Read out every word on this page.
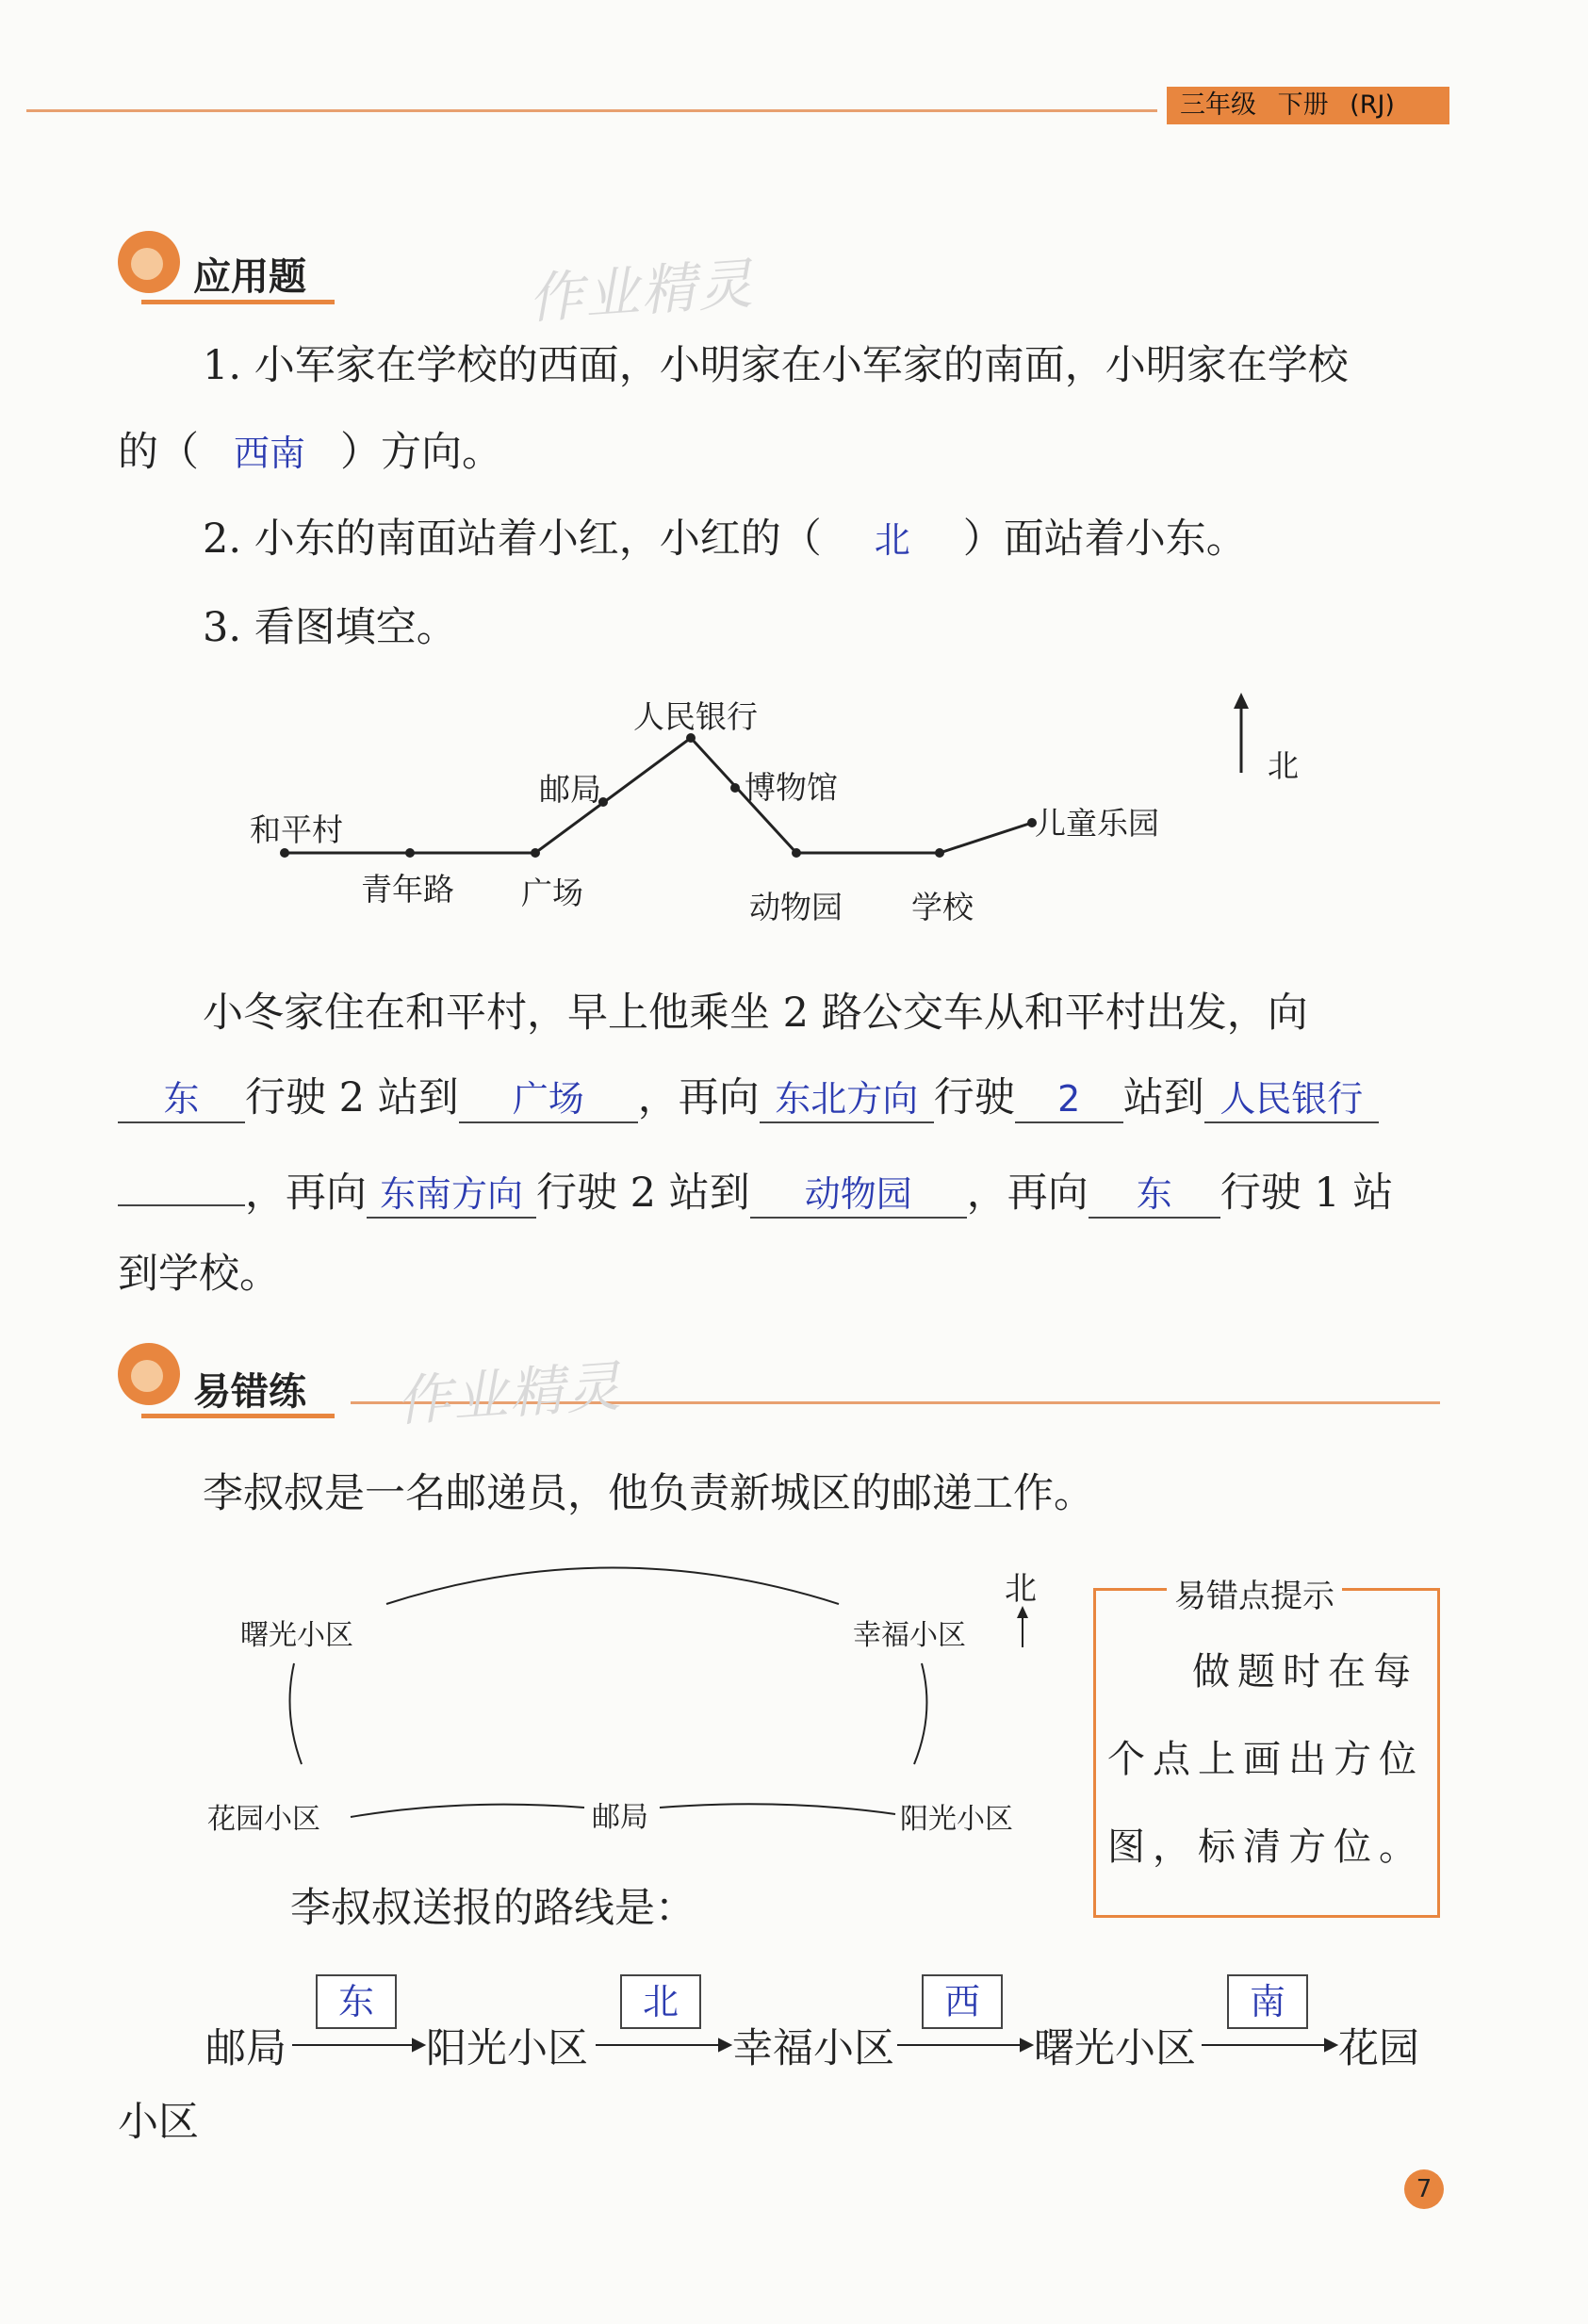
三年级 下册 (RJ)
应用题	作业精灵
1. 小军家在学校的西面，小明家在小军家的南面，小明家在学校
的（ 西南 ）方向。
2. 小东的南面站着小红，小红的（ 北 ）面站着小东。
3. 看图填空。
和平村
青年路
邮局
广场
人民银行
博物馆
动物园 学校
儿童乐园
北
小冬家住在和平村，早上他乘坐 2 路公交车从和平村出发，向
东 行驶 2 站到 广场 ，再向 东北方向 行驶 2 站到 人民银行
，再向 东南方向 行驶 2 站到 动物园 ，再向 东 行驶 1 站
到学校。
易错练 作业精灵
李叔叔是一名邮递员，他负责新城区的邮递工作。
曙光小区	幸福小区
花园小区	邮局	阳光小区
北	易错点提示
做题时在每
个点上画出方位
图，标清方位。
李叔叔送报的路线是：
东	北	西	南
邮局	阳光小区	幸福小区	曙光小区	花园
小区
7
